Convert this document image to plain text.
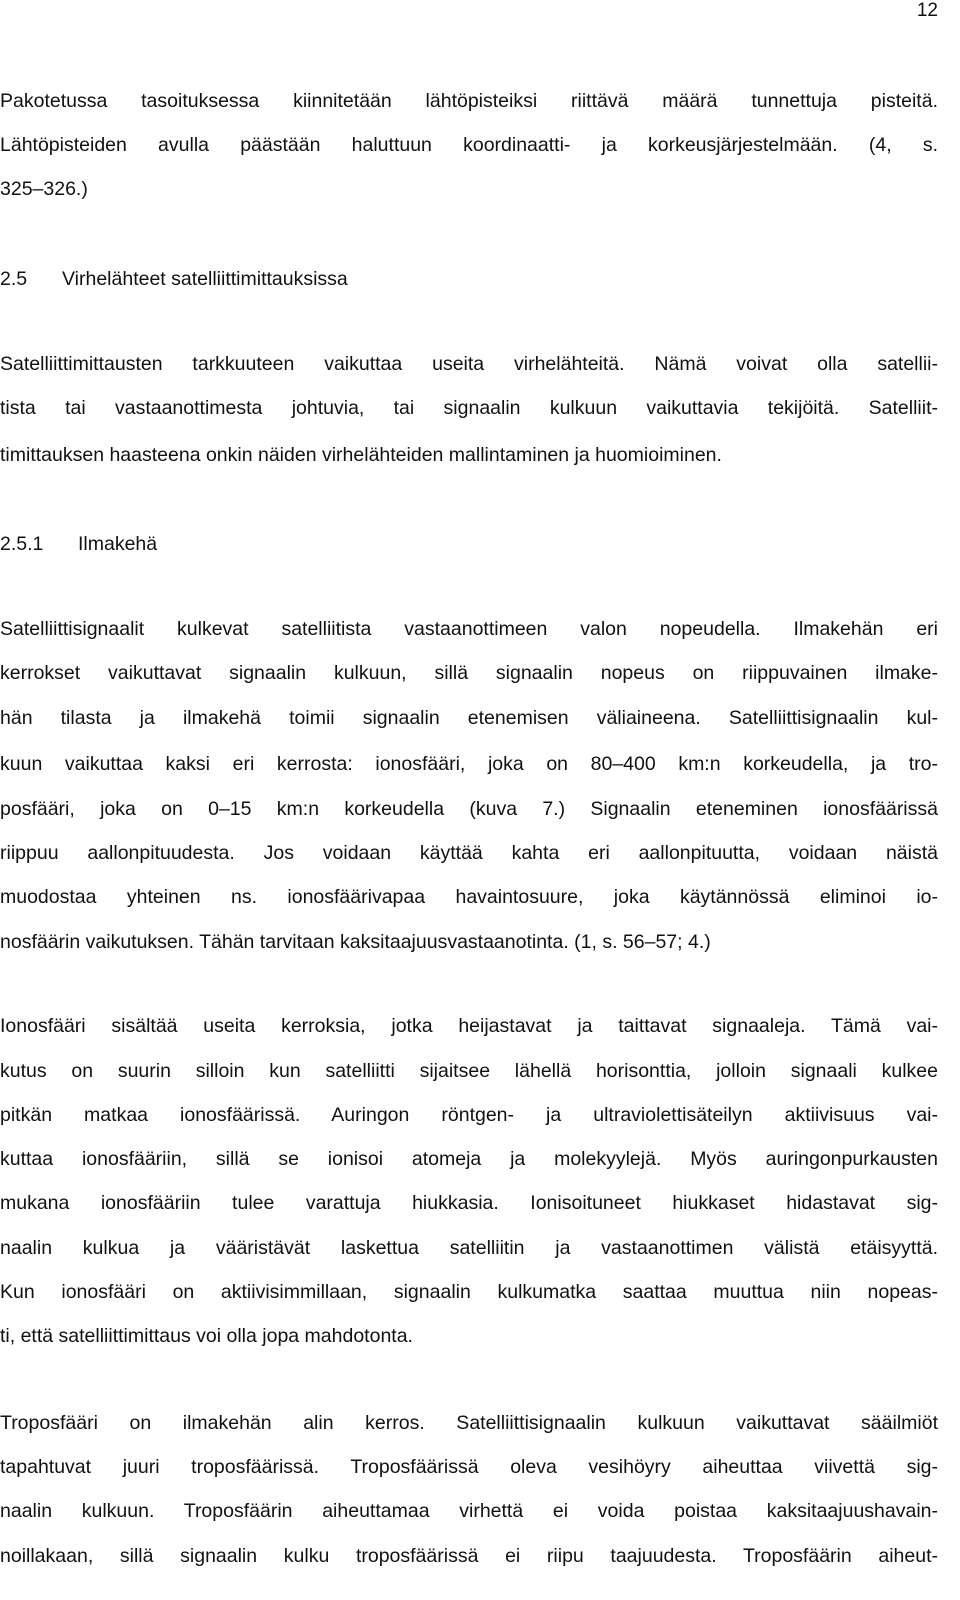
12
Pakotetussa tasoituksessa kiinnitetään lähtöpisteiksi riittävä määrä tunnettuja pisteitä.
Lähtöpisteiden avulla päästään haluttuun koordinaatti- ja korkeusjärjestelmään. (4, s.
325–326.)
2.5 Virhelähteet satelliittimittauksissa
Satelliittimittausten tarkkuuteen vaikuttaa useita virhelähteitä. Nämä voivat olla satellii-
tista tai vastaanottimesta johtuvia, tai signaalin kulkuun vaikuttavia tekijöitä. Satelliit-
timittauksen haasteena onkin näiden virhelähteiden mallintaminen ja huomioiminen.
2.5.1 Ilmakehä
Satelliittisignaalit kulkevat satelliitista vastaanottimeen valon nopeudella. Ilmakehän eri
kerrokset vaikuttavat signaalin kulkuun, sillä signaalin nopeus on riippuvainen ilmake-
hän tilasta ja ilmakehä toimii signaalin etenemisen väliaineena. Satelliittisignaalin kul-
kuun vaikuttaa kaksi eri kerrosta: ionosfääri, joka on 80–400 km:n korkeudella, ja tro-
posfääri, joka on 0–15 km:n korkeudella (kuva 7.) Signaalin eteneminen ionosfäärissä
riippuu aallonpituudesta. Jos voidaan käyttää kahta eri aallonpituutta, voidaan näistä
muodostaa yhteinen ns. ionosfäärivapaa havaintosuure, joka käytännössä eliminoi io-
nosfäärin vaikutuksen. Tähän tarvitaan kaksitaajuusvastaanotinta. (1, s. 56–57; 4.)
Ionosfääri sisältää useita kerroksia, jotka heijastavat ja taittavat signaaleja. Tämä vai-
kutus on suurin silloin kun satelliitti sijaitsee lähellä horisonttia, jolloin signaali kulkee
pitkän matkaa ionosfäärissä. Auringon röntgen- ja ultraviolettisäteilyn aktiivisuus vai-
kuttaa ionosfääriin, sillä se ionisoi atomeja ja molekyylejä. Myös auringonpurkausten
mukana ionosfääriin tulee varattuja hiukkasia. Ionisoituneet hiukkaset hidastavat sig-
naalin kulkua ja vääristävät laskettua satelliitin ja vastaanottimen välistä etäisyyttä.
Kun ionosfääri on aktiivisimmillaan, signaalin kulkumatka saattaa muuttua niin nopeas-
ti, että satelliittimittaus voi olla jopa mahdotonta.
Troposfääri on ilmakehän alin kerros. Satelliittisignaalin kulkuun vaikuttavat sääilmiöt
tapahtuvat juuri troposfäärissä. Troposfäärissä oleva vesihöyry aiheuttaa viivettä sig-
naalin kulkuun. Troposfäärin aiheuttamaa virhettä ei voida poistaa kaksitaajuushavain-
noillakaan, sillä signaalin kulku troposfäärissä ei riipu taajuudesta. Troposfäärin aiheut-
